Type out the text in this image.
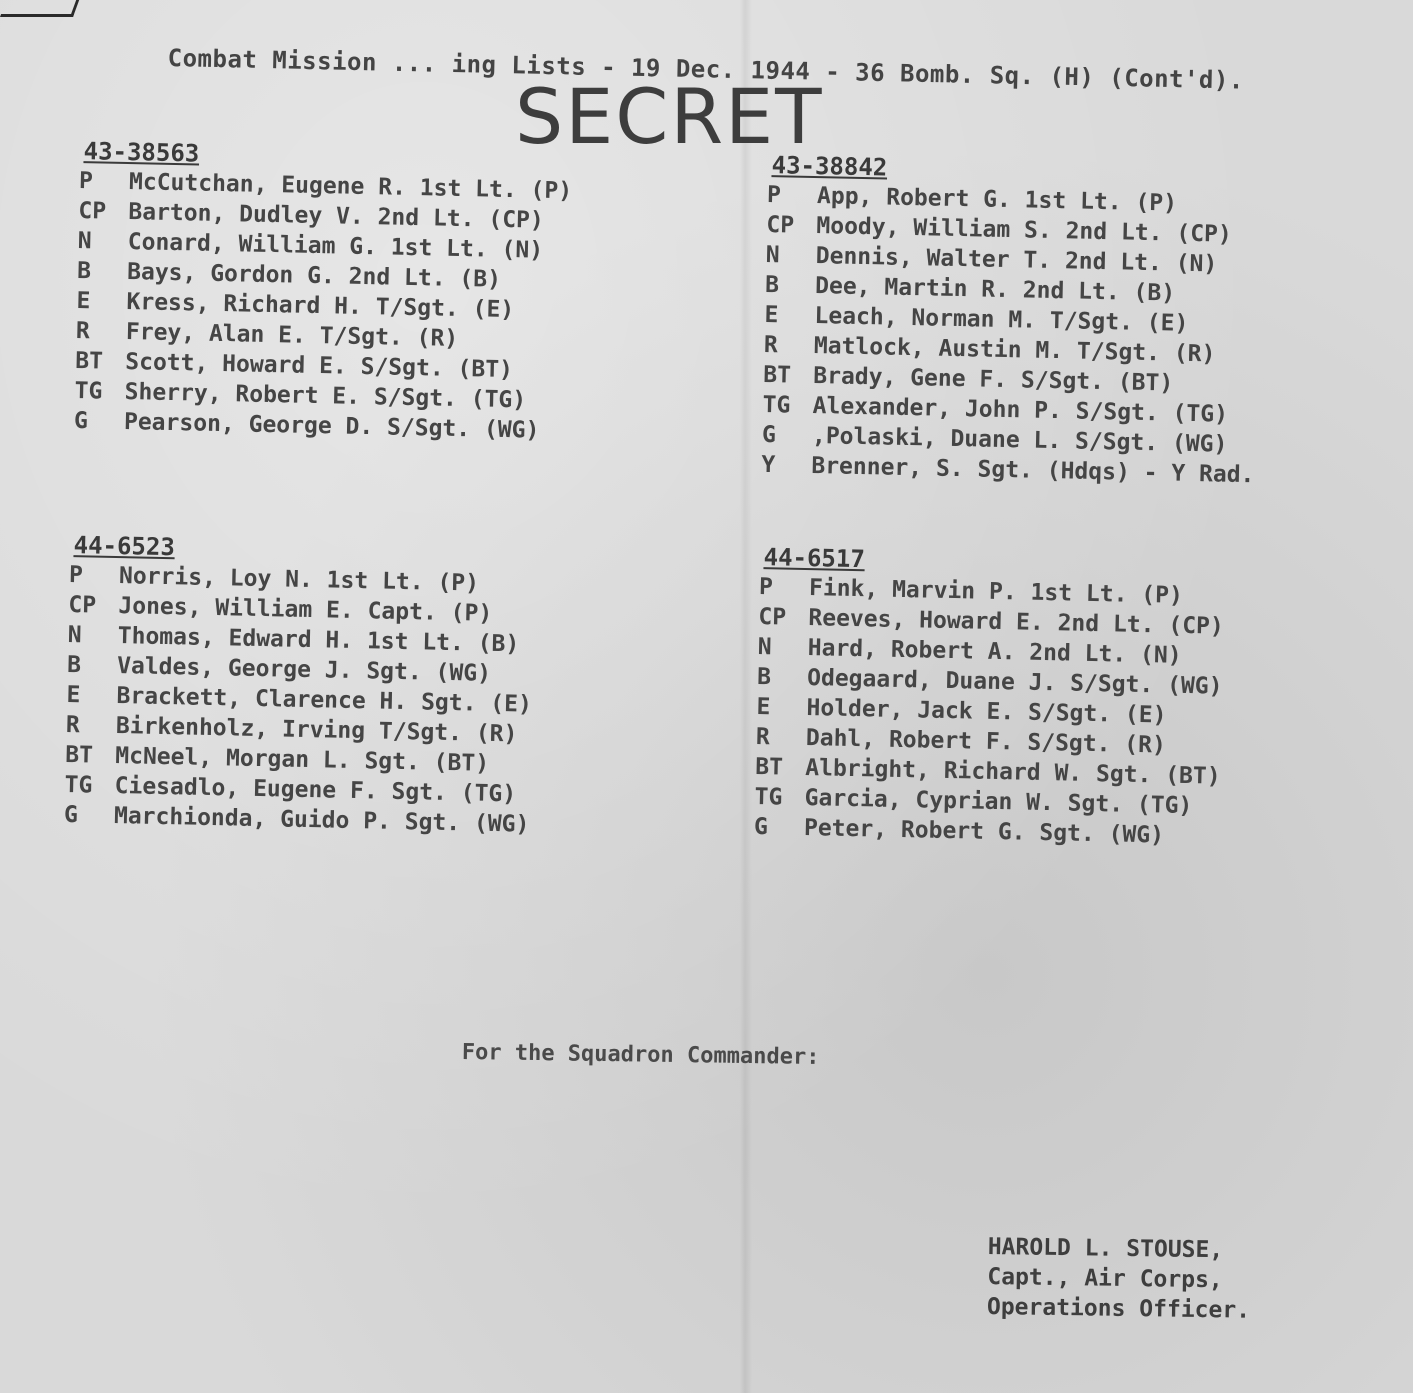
Combat Mission ... ing Lists - 19 Dec. 1944 - 36 Bomb. Sq. (H) (Cont'd).
SECRET
43-38563
P	McCutchan, Eugene R. 1st Lt. (P)
CP Barton, Dudley V. 2nd Lt. (CP)
N	Conard, William G. 1st Lt. (N)
B	Bays, Gordon G. 2nd Lt. (B)
E	Kress, Richard H. T/Sgt. (E)
R	Frey, Alan E. T/Sgt. (R)
BT Scott, Howard E. S/Sgt. (BT)
TG Sherry, Robert E. S/Sgt. (TG)
G	Pearson, George D. S/Sgt. (WG)
43-38842
P	App, Robert G. 1st Lt. (P)
CP Moody, William S. 2nd Lt. (CP)
N	Dennis, Walter T. 2nd Lt. (N)
B	Dee, Martin R. 2nd Lt. (B)
E	Leach, Norman M. T/Sgt. (E)
R	Matlock, Austin M. T/Sgt. (R)
BT Brady, Gene F. S/Sgt. (BT)
TG Alexander, John P. S/Sgt. (TG)
G	,Polaski, Duane L. S/Sgt. (WG)
Y	Brenner, S. Sgt. (Hdqs) - Y Rad.
44-6523
P	Norris, Loy N. 1st Lt. (P)
CP Jones, William E. Capt. (P)
N	Thomas, Edward H. 1st Lt. (B)
B	Valdes, George J. Sgt. (WG)
E	Brackett, Clarence H. Sgt. (E)
R	Birkenholz, Irving T/Sgt. (R)
BT McNeel, Morgan L. Sgt. (BT)
TG Ciesadlo, Eugene F. Sgt. (TG)
G	Marchionda, Guido P. Sgt. (WG)
44-6517
P	Fink, Marvin P. 1st Lt. (P)
CP Reeves, Howard E. 2nd Lt. (CP)
N	Hard, Robert A. 2nd Lt. (N)
B	Odegaard, Duane J. S/Sgt. (WG)
E	Holder, Jack E. S/Sgt. (E)
R	Dahl, Robert F. S/Sgt. (R)
BT Albright, Richard W. Sgt. (BT)
TG Garcia, Cyprian W. Sgt. (TG)
G	Peter, Robert G. Sgt. (WG)
For the Squadron Commander:
HAROLD L. STOUSE,
Capt., Air Corps,
Operations Officer.
